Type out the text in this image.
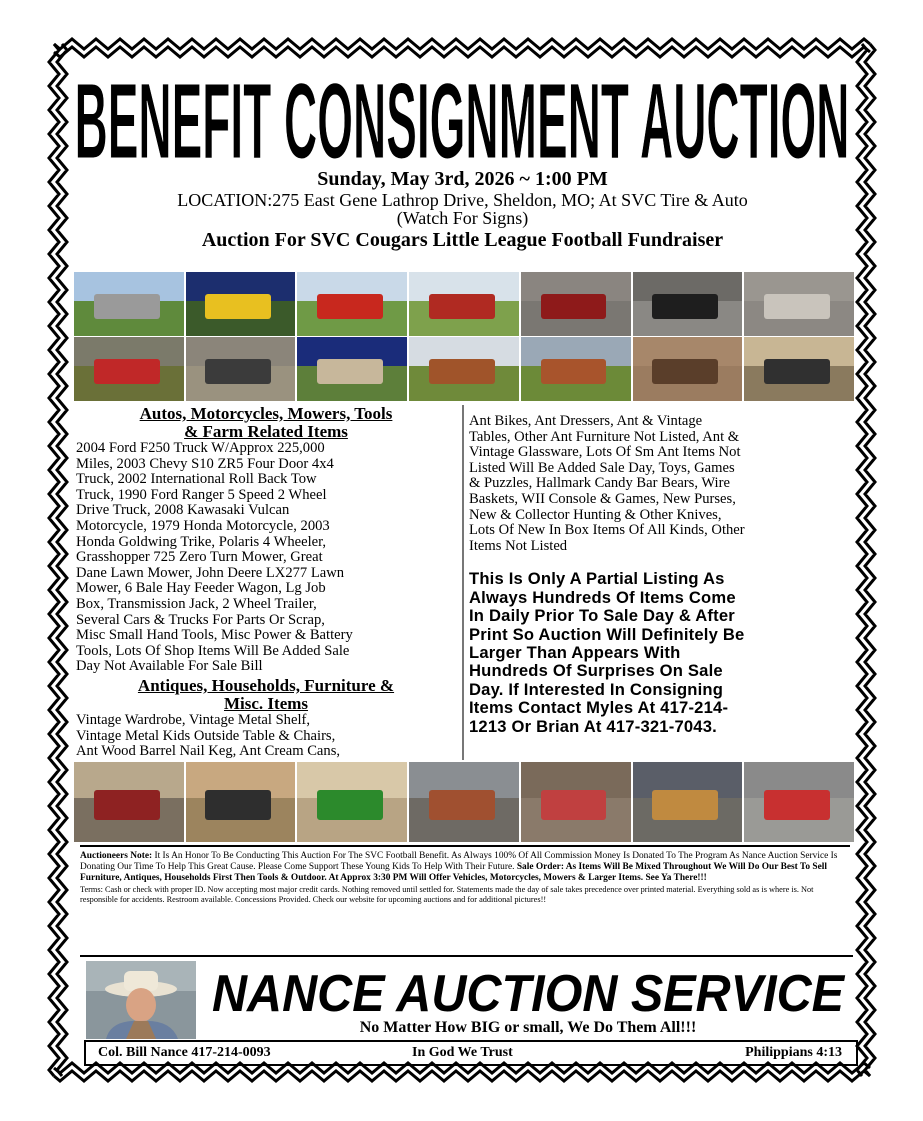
BENEFIT CONSIGNMENT AUCTION
Sunday, May 3rd, 2026 ~ 1:00 PM
LOCATION:275 East Gene Lathrop Drive, Sheldon, MO; At SVC Tire & Auto
(Watch For Signs)
Auction For SVC Cougars Little League Football Fundraiser
Autos, Motorcycles, Mowers, Tools
& Farm Related Items
2004 Ford F250 Truck W/Approx 225,000
Miles, 2003 Chevy S10 ZR5 Four Door 4x4
Truck, 2002 International Roll Back Tow
Truck, 1990 Ford Ranger 5 Speed 2 Wheel
Drive Truck, 2008 Kawasaki Vulcan
Motorcycle, 1979 Honda Motorcycle, 2003
Honda Goldwing Trike, Polaris 4 Wheeler,
Grasshopper 725 Zero Turn Mower, Great
Dane Lawn Mower, John Deere LX277 Lawn
Mower, 6 Bale Hay Feeder Wagon, Lg Job
Box, Transmission Jack, 2 Wheel Trailer,
Several Cars & Trucks For Parts Or Scrap,
Misc Small Hand Tools, Misc Power & Battery
Tools, Lots Of Shop Items Will Be Added Sale
Day Not Available For Sale Bill
Antiques, Households, Furniture &
Misc. Items
Vintage Wardrobe, Vintage Metal Shelf,
Vintage Metal Kids Outside Table & Chairs,
Ant Wood Barrel Nail Keg, Ant Cream Cans,
Ant Bikes, Ant Dressers, Ant & Vintage
Tables, Other Ant Furniture Not Listed, Ant &
Vintage Glassware, Lots Of Sm Ant Items Not
Listed Will Be Added Sale Day, Toys, Games
& Puzzles, Hallmark Candy Bar Bears, Wire
Baskets, WII Console & Games, New Purses,
New & Collector Hunting & Other Knives,
Lots Of New In Box Items Of All Kinds, Other
Items Not Listed
This Is Only A Partial Listing As
Always Hundreds Of Items Come
In Daily Prior To Sale Day & After
Print So Auction Will Definitely Be
Larger Than Appears With
Hundreds Of Surprises On Sale
Day. If Interested In Consigning
Items Contact Myles At 417-214-
1213 Or Brian At 417-321-7043.
Auctioneers Note: It Is An Honor To Be Conducting This Auction For The SVC Football Benefit. As Always 100% Of All Commission Money Is Donated To The Program As Nance Auction Service Is Donating Our Time To Help This Great Cause. Please Come Support These Young Kids To Help With Their Future. Sale Order: As Items Will Be Mixed Throughout We Will Do Our Best To Sell Furniture, Antiques, Households First Then Tools & Outdoor. At Approx 3:30 PM Will Offer Vehicles, Motorcycles, Mowers & Larger Items. See Ya There!!!
Terms: Cash or check with proper ID. Now accepting most major credit cards. Nothing removed until settled for. Statements made the day of sale takes precedence over printed material. Everything sold as is where is. Not responsible for accidents. Restroom available. Concessions Provided. Check our website for upcoming auctions and for additional pictures!!
NANCE AUCTION SERVICE
No Matter How BIG or small, We Do Them All!!!
Col. Bill Nance 417-214-0093	In God We Trust	Philippians 4:13
